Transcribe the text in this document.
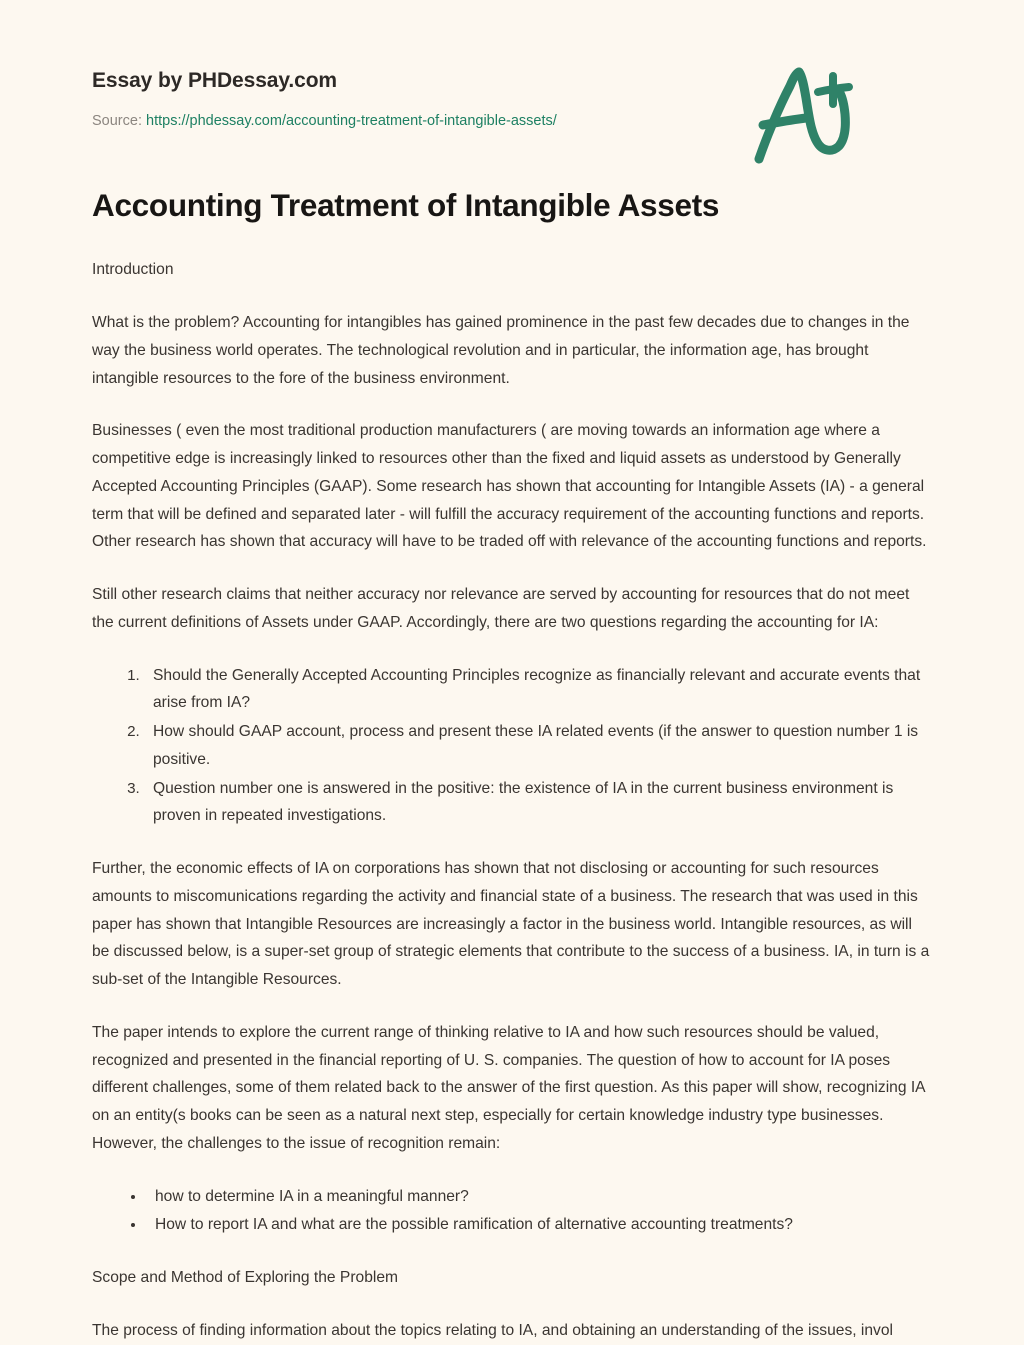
Essay by PHDessay.com
Source: https://phdessay.com/accounting-treatment-of-intangible-assets/
Accounting Treatment of Intangible Assets

Introduction

What is the problem? Accounting for intangibles has gained prominence in the past few decades due to changes in the way the business world operates. The technological revolution and in particular, the information age, has brought intangible resources to the fore of the business environment.

Businesses ( even the most traditional production manufacturers ( are moving towards an information age where a competitive edge is increasingly linked to resources other than the fixed and liquid assets as understood by Generally Accepted Accounting Principles (GAAP). Some research has shown that accounting for Intangible Assets (IA) - a general term that will be defined and separated later - will fulfill the accuracy requirement of the accounting functions and reports. Other research has shown that accuracy will have to be traded off with relevance of the accounting functions and reports.

Still other research claims that neither accuracy nor relevance are served by accounting for resources that do not meet the current definitions of Assets under GAAP. Accordingly, there are two questions regarding the accounting for IA:

1. Should the Generally Accepted Accounting Principles recognize as financially relevant and accurate events that arise from IA?
2. How should GAAP account, process and present these IA related events (if the answer to question number 1 is positive.
3. Question number one is answered in the positive: the existence of IA in the current business environment is proven in repeated investigations.

Further, the economic effects of IA on corporations has shown that not disclosing or accounting for such resources amounts to miscomunications regarding the activity and financial state of a business. The research that was used in this paper has shown that Intangible Resources are increasingly a factor in the business world. Intangible resources, as will be discussed below, is a super-set group of strategic elements that contribute to the success of a business. IA, in turn is a sub-set of the Intangible Resources.

The paper intends to explore the current range of thinking relative to IA and how such resources should be valued, recognized and presented in the financial reporting of U. S. companies. The question of how to account for IA poses different challenges, some of them related back to the answer of the first question. As this paper will show, recognizing IA on an entity(s books can be seen as a natural next step, especially for certain knowledge industry type businesses. However, the challenges to the issue of recognition remain:

• how to determine IA in a meaningful manner?
• How to report IA and what are the possible ramification of alternative accounting treatments?

Scope and Method of Exploring the Problem

The process of finding information about the topics relating to IA, and obtaining an understanding of the issues, invol
